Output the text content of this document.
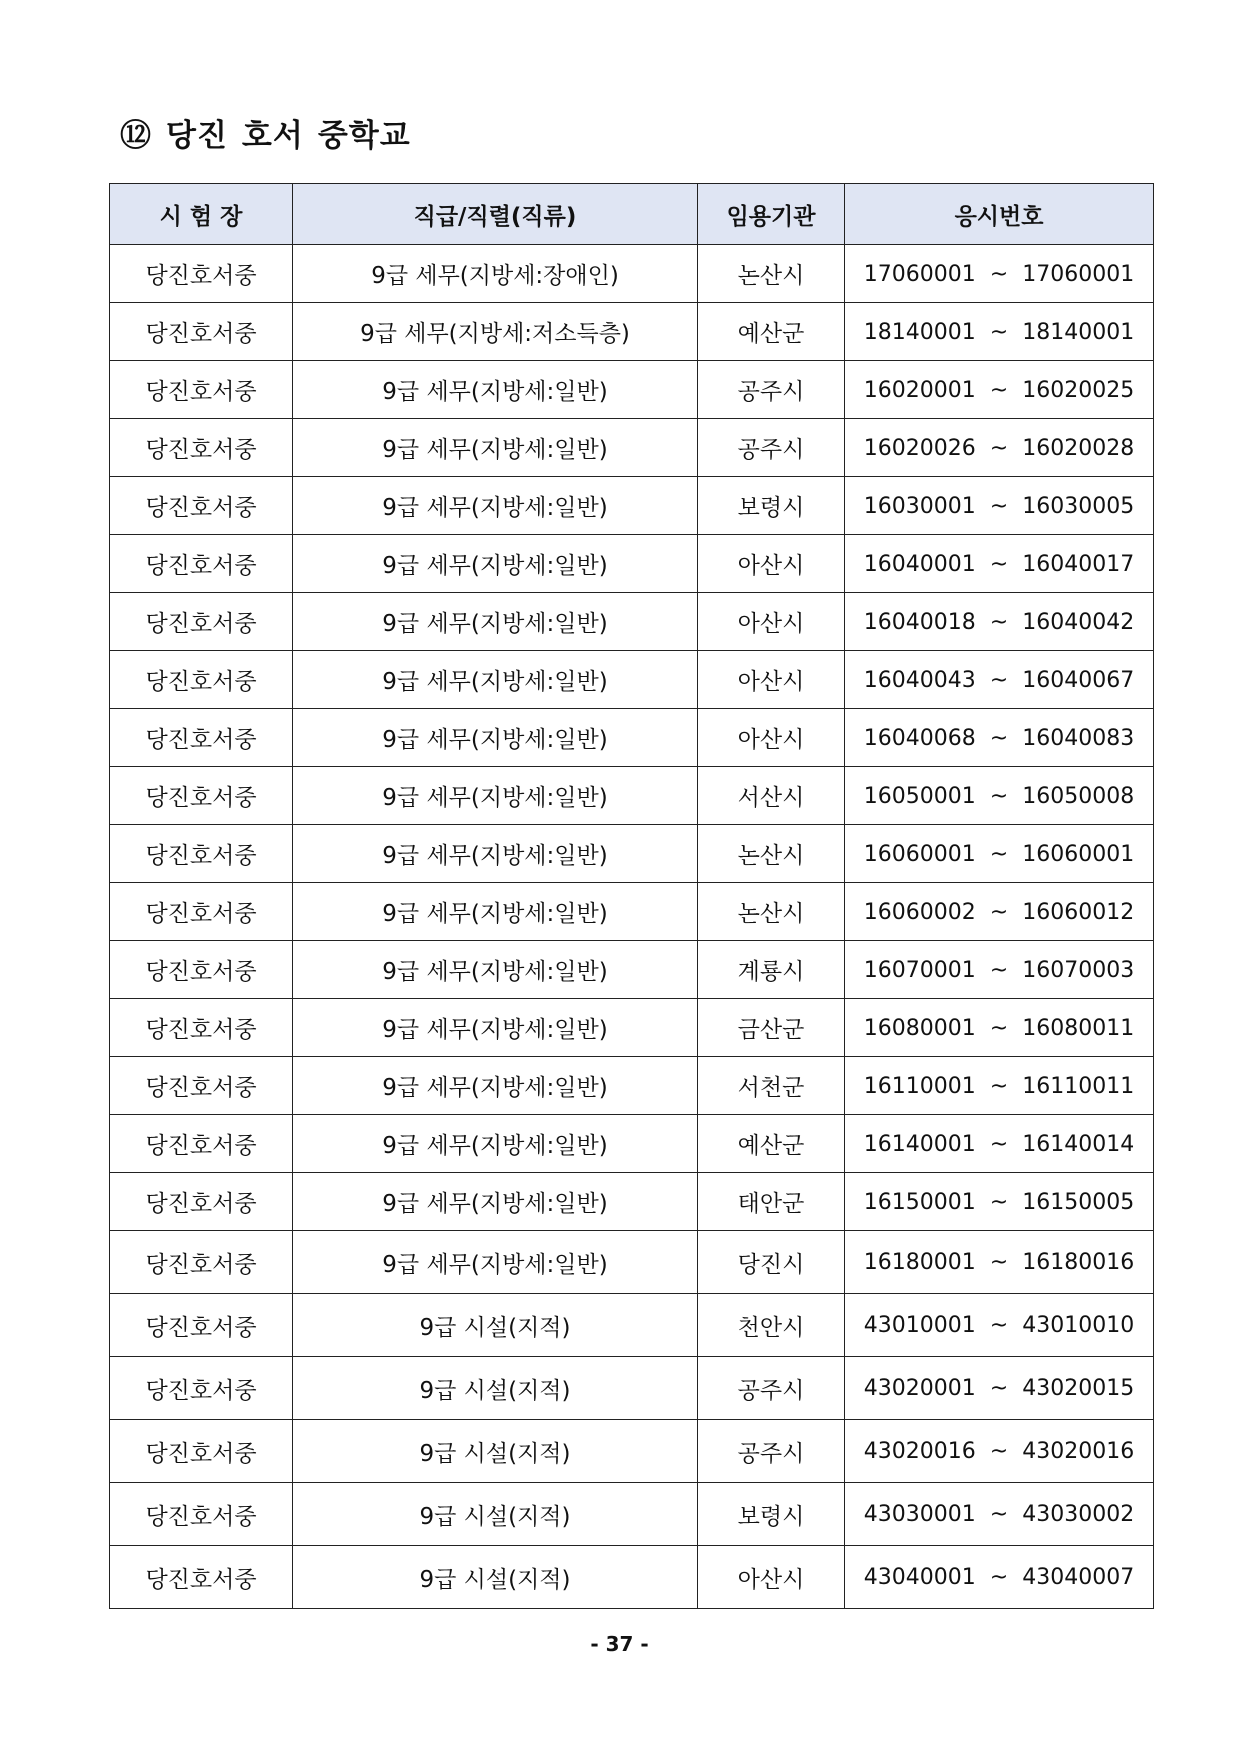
⑫ 당진 호서 중학교
시 험 장	직급/직렬(직류)	임용기관	응시번호
당진호서중	9급 세무(지방세:장애인)	논산시	17060001 ~ 17060001
당진호서중	9급 세무(지방세:저소득층)	예산군	18140001 ~ 18140001
당진호서중	9급 세무(지방세:일반)	공주시	16020001 ~ 16020025
당진호서중	9급 세무(지방세:일반)	공주시	16020026 ~ 16020028
당진호서중	9급 세무(지방세:일반)	보령시	16030001 ~ 16030005
당진호서중	9급 세무(지방세:일반)	아산시	16040001 ~ 16040017
당진호서중	9급 세무(지방세:일반)	아산시	16040018 ~ 16040042
당진호서중	9급 세무(지방세:일반)	아산시	16040043 ~ 16040067
당진호서중	9급 세무(지방세:일반)	아산시	16040068 ~ 16040083
당진호서중	9급 세무(지방세:일반)	서산시	16050001 ~ 16050008
당진호서중	9급 세무(지방세:일반)	논산시	16060001 ~ 16060001
당진호서중	9급 세무(지방세:일반)	논산시	16060002 ~ 16060012
당진호서중	9급 세무(지방세:일반)	계룡시	16070001 ~ 16070003
당진호서중	9급 세무(지방세:일반)	금산군	16080001 ~ 16080011
당진호서중	9급 세무(지방세:일반)	서천군	16110001 ~ 16110011
당진호서중	9급 세무(지방세:일반)	예산군	16140001 ~ 16140014
당진호서중	9급 세무(지방세:일반)	태안군	16150001 ~ 16150005
당진호서중	9급 세무(지방세:일반)	당진시	16180001 ~ 16180016
당진호서중	9급 시설(지적)	천안시	43010001 ~ 43010010
당진호서중	9급 시설(지적)	공주시	43020001 ~ 43020015
당진호서중	9급 시설(지적)	공주시	43020016 ~ 43020016
당진호서중	9급 시설(지적)	보령시	43030001 ~ 43030002
당진호서중	9급 시설(지적)	아산시	43040001 ~ 43040007
- 37 -
